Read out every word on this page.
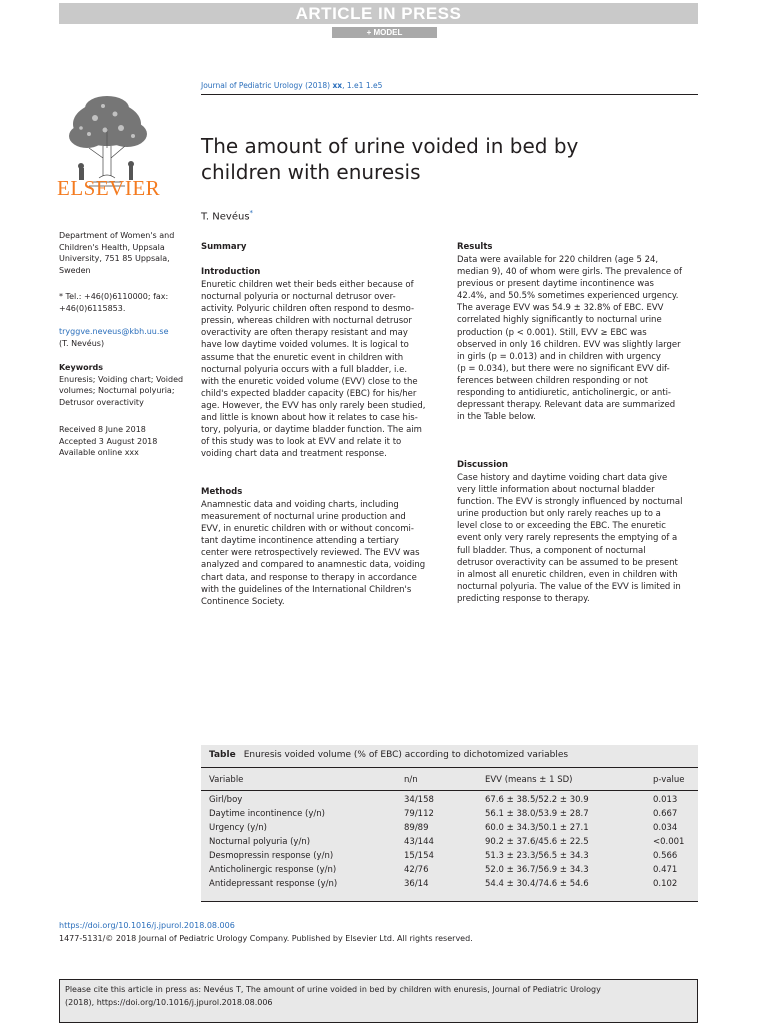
ARTICLE IN PRESS
+ MODEL
Journal of Pediatric Urology (2018) xx, 1.e1 1.e5
ELSEVIER
The amount of urine voided in bed by
children with enuresis
T. Nevéus*
Department of Women's and
Children's Health, Uppsala
University, 751 85 Uppsala,
Sweden
* Tel.: +46(0)6110000; fax:
+46(0)6115853.
tryggve.neveus@kbh.uu.se
(T. Nevéus)
Keywords
Enuresis; Voiding chart; Voided
volumes; Nocturnal polyuria;
Detrusor overactivity
Received 8 June 2018
Accepted 3 August 2018
Available online xxx
Summary
Introduction
Enuretic children wet their beds either because of
nocturnal polyuria or nocturnal detrusor over-
activity. Polyuric children often respond to desmo-
pressin, whereas children with nocturnal detrusor
overactivity are often therapy resistant and may
have low daytime voided volumes. It is logical to
assume that the enuretic event in children with
nocturnal polyuria occurs with a full bladder, i.e.
with the enuretic voided volume (EVV) close to the
child's expected bladder capacity (EBC) for his/her
age. However, the EVV has only rarely been studied,
and little is known about how it relates to case his-
tory, polyuria, or daytime bladder function. The aim
of this study was to look at EVV and relate it to
voiding chart data and treatment response.
Methods
Anamnestic data and voiding charts, including
measurement of nocturnal urine production and
EVV, in enuretic children with or without concomi-
tant daytime incontinence attending a tertiary
center were retrospectively reviewed. The EVV was
analyzed and compared to anamnestic data, voiding
chart data, and response to therapy in accordance
with the guidelines of the International Children's
Continence Society.
Results
Data were available for 220 children (age 5 24,
median 9), 40 of whom were girls. The prevalence of
previous or present daytime incontinence was
42.4%, and 50.5% sometimes experienced urgency.
The average EVV was 54.9 ± 32.8% of EBC. EVV
correlated highly significantly to nocturnal urine
production (p < 0.001). Still, EVV ≥ EBC was
observed in only 16 children. EVV was slightly larger
in girls (p = 0.013) and in children with urgency
(p = 0.034), but there were no significant EVV dif-
ferences between children responding or not
responding to antidiuretic, anticholinergic, or anti-
depressant therapy. Relevant data are summarized
in the Table below.
Discussion
Case history and daytime voiding chart data give
very little information about nocturnal bladder
function. The EVV is strongly influenced by nocturnal
urine production but only rarely reaches up to a
level close to or exceeding the EBC. The enuretic
event only very rarely represents the emptying of a
full bladder. Thus, a component of nocturnal
detrusor overactivity can be assumed to be present
in almost all enuretic children, even in children with
nocturnal polyuria. The value of the EVV is limited in
predicting response to therapy.
Table Enuresis voided volume (% of EBC) according to dichotomized variables
Variable	n/n	EVV (means ± 1 SD)	p-value
Girl/boy	34/158	67.6 ± 38.5/52.2 ± 30.9	0.013
Daytime incontinence (y/n)	79/112	56.1 ± 38.0/53.9 ± 28.7	0.667
Urgency (y/n)	89/89	60.0 ± 34.3/50.1 ± 27.1	0.034
Nocturnal polyuria (y/n)	43/144	90.2 ± 37.6/45.6 ± 22.5	<0.001
Desmopressin response (y/n)	15/154	51.3 ± 23.3/56.5 ± 34.3	0.566
Anticholinergic response (y/n)	42/76	52.0 ± 36.7/56.9 ± 34.3	0.471
Antidepressant response (y/n)	36/14	54.4 ± 30.4/74.6 ± 54.6	0.102
https://doi.org/10.1016/j.jpurol.2018.08.006
1477-5131/© 2018 Journal of Pediatric Urology Company. Published by Elsevier Ltd. All rights reserved.
Please cite this article in press as: Nevéus T, The amount of urine voided in bed by children with enuresis, Journal of Pediatric Urology
(2018), https://doi.org/10.1016/j.jpurol.2018.08.006
